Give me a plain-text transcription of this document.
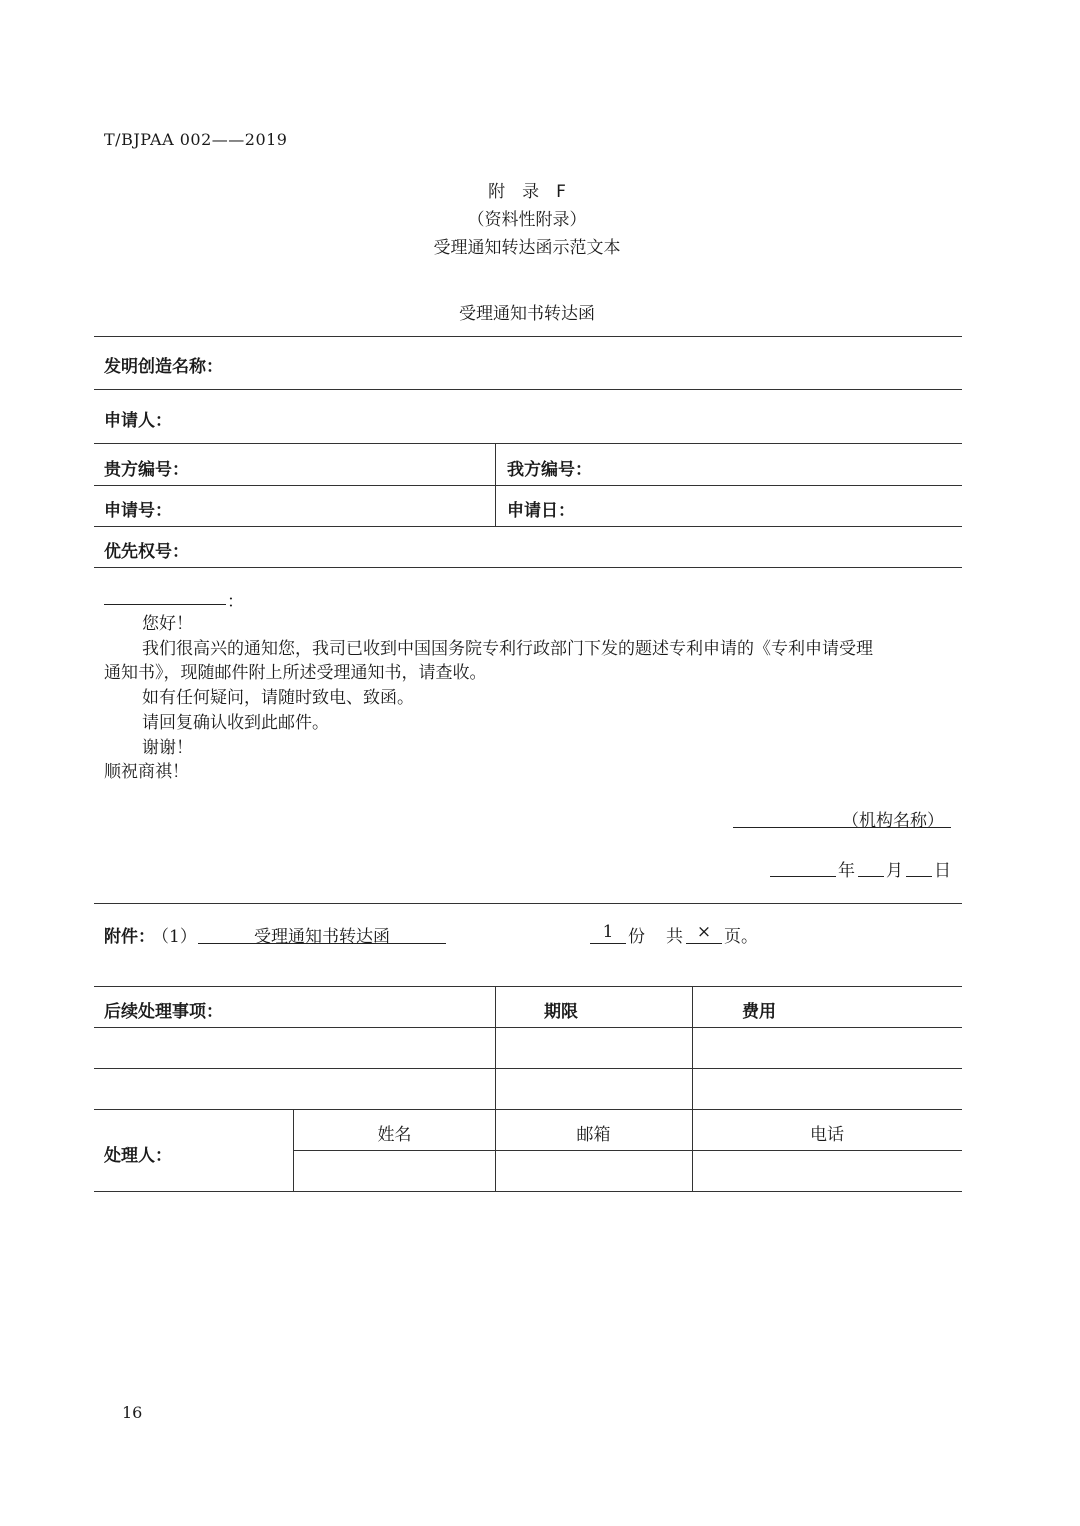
T/BJPAA 002——2019
附　录　F
（资料性附录）
受理通知转达函示范文本
受理通知书转达函
发明创造名称：
申请人：
贵方编号：	我方编号：
申请号：	申请日：
优先权号：
：
您好！
我们很高兴的通知您，我司已收到中国国务院专利行政部门下发的题述专利申请的《专利申请受理
通知书》，现随邮件附上所述受理通知书，请查收。
如有任何疑问，请随时致电、致函。
请回复确认收到此邮件。
谢谢！
顺祝商祺！
（机构名称）
年 月 日
附件：
（1）	受理通知书转达函	1 份 共 × 页。
后续处理事项：	期限	费用
处理人：
姓名	邮箱	电话
16
